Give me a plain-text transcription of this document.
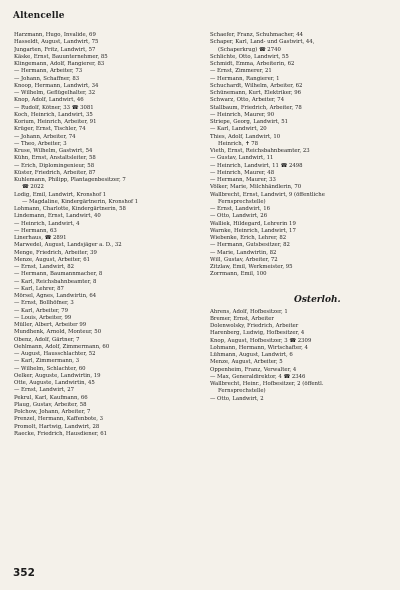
Altencelle
Harzmann, Hugo, Invalide, 69
Hasseldt, August, Landwirt, 75
Jungarten, Fritz, Landwirt, 57
Käske, Ernst, Bauunternehmer, 85
Klingemann, Adolf, Rangierer, 83
— Hermann, Arbeiter, 73
— Johann, Schaffner, 83
Knoop, Hermann, Landwirt, 34
— Wilhelm, Geflügelhalter, 32
Knop, Adolf, Landwirt, 46
— Rudolf, Kötner, 33 ☎ 3081
Koch, Heinrich, Landwirt, 35
Korium, Heinrich, Arbeiter, 91
Krüger, Ernst, Tischler, 74
— Johann, Arbeiter, 74
— Theo, Arbeiter, 3
Kruse, Wilhelm, Gastwirt, 54
Kühn, Ernst, Anstaltsleiter, 58
— Erich, Diplomingenieur, 58
Küster, Friedrich, Arbeiter, 87
Kuhlemann, Philipp, Plantagenbesitzer, 7
☎ 2022
Lodig, Emil, Landwirt, Kronshof 1
— Magdaline, Kindergärtnerin, Kronshof 1
Lohmann, Charlotte, Kindergärtnerin, 58
Lindemann, Ernst, Landwirt, 40
— Heinrich, Landwirt, 4
— Hermann, 63
Linerhaus, ☎ 2891
Marwedel, August, Landsjäger a. D., 32
Menge, Friedrich, Arbeiter, 39
Menze, August, Arbeiter, 61
— Ernst, Landwirt, 82
— Hermann, Baumannmacher, 8
— Karl, Reichsbahnbeamter, 8
— Karl, Lehrer, 87
Mörsel, Agnes, Landwirtin, 64
— Ernst, Bollhöfner, 3
— Karl, Arbeiter, 79
— Louis, Arbeiter, 99
Müller, Albert, Arbeiter 99
Mundhenk, Arnold, Monteur, 50
Obenz, Adolf, Gärtner, 7
Oehlmann, Adolf, Zimmermann, 60
— August, Hausschlachter, 52
— Karl, Zimmermann, 3
— Wilhelm, Schlachter, 60
Oelker, Auguste, Landwirtin, 19
Otte, Auguste, Landwirtin, 45
— Ernst, Landwirt, 27
Pekrul, Karl, Kaufmann, 66
Plaug, Gustav, Arbeiter, 58
Polchow, Johann, Arbeiter, 7
Prenzel, Hermann, Kaffenbote, 3
Promolt, Hartwig, Landwirt, 28
Raecke, Friedrich, Hausdiener, 61
Schaefer, Franz, Schuhmacher, 44
Schaper, Karl, Land- und Gastwirt, 44,
(Schaperkrug) ☎ 2740
Schlichte, Otto, Landwirt, 55
Schmidt, Emma, Arbeiterin, 62
— Ernst, Zimmerer, 21
— Hermann, Rangierer, 1
Schuchardt, Wilhelm, Arbeiter, 62
Schünemann, Kurt, Elektriker, 96
Schwarz, Otto, Arbeiter, 74
Stallbaum, Friedrich, Arbeiter, 78
— Heinrich, Maurer, 90
Striepe, Georg, Landwirt, 51
— Karl, Landwirt, 20
Thies, Adolf, Landwirt, 10
Heinrich, ✝ 78
Vieth, Ernst, Reichsbahnbeamter, 23
— Gustav, Landwirt, 11
— Heinrich, Landwirt, 11 ☎ 2498
— Heinrich, Maurer, 48
— Hermann, Maurer, 33
Völker, Marie, Milchhändlerin, 70
Wallbrecht, Ernst, Landwirt, 9 (öffentliche
Fernsprechstelle)
— Ernst, Landwirt, 16
— Otto, Landwirt, 26
Walliek, Hildegard, Lehrerin 19
Warnke, Heinrich, Landwirt, 17
Wiebenke, Erich, Lehrer, 82
— Hermann, Gutsbesitzer, 82
— Marie, Landwirtin, 82
Will, Gustav, Arbeiter, 72
Zitzlaw, Emil, Werkmeister, 95
Zorrmann, Emil, 100
Osterloh.
Ahrens, Adolf, Hofbesitzer, 1
Bremer, Ernst, Arbeiter
Dolenwolsky, Friedrich, Arbeiter
Harenberg, Ludwig, Hofbesitzer, 4
Knop, August, Hofbesitzer, 3 ☎ 2309
Lohmann, Hermann, Wirtschafter, 4
Lühmann, August, Landwirt, 6
Menze, August, Arbeiter, 5
Oppenheim, Franz, Verwalter, 4
— Max, Generaldirektor, 4 ☎ 2346
Wallbrecht, Heinr., Hofbesitzer, 2 (öffentl.
Fernsprechstelle)
— Otto, Landwirt, 2
352
